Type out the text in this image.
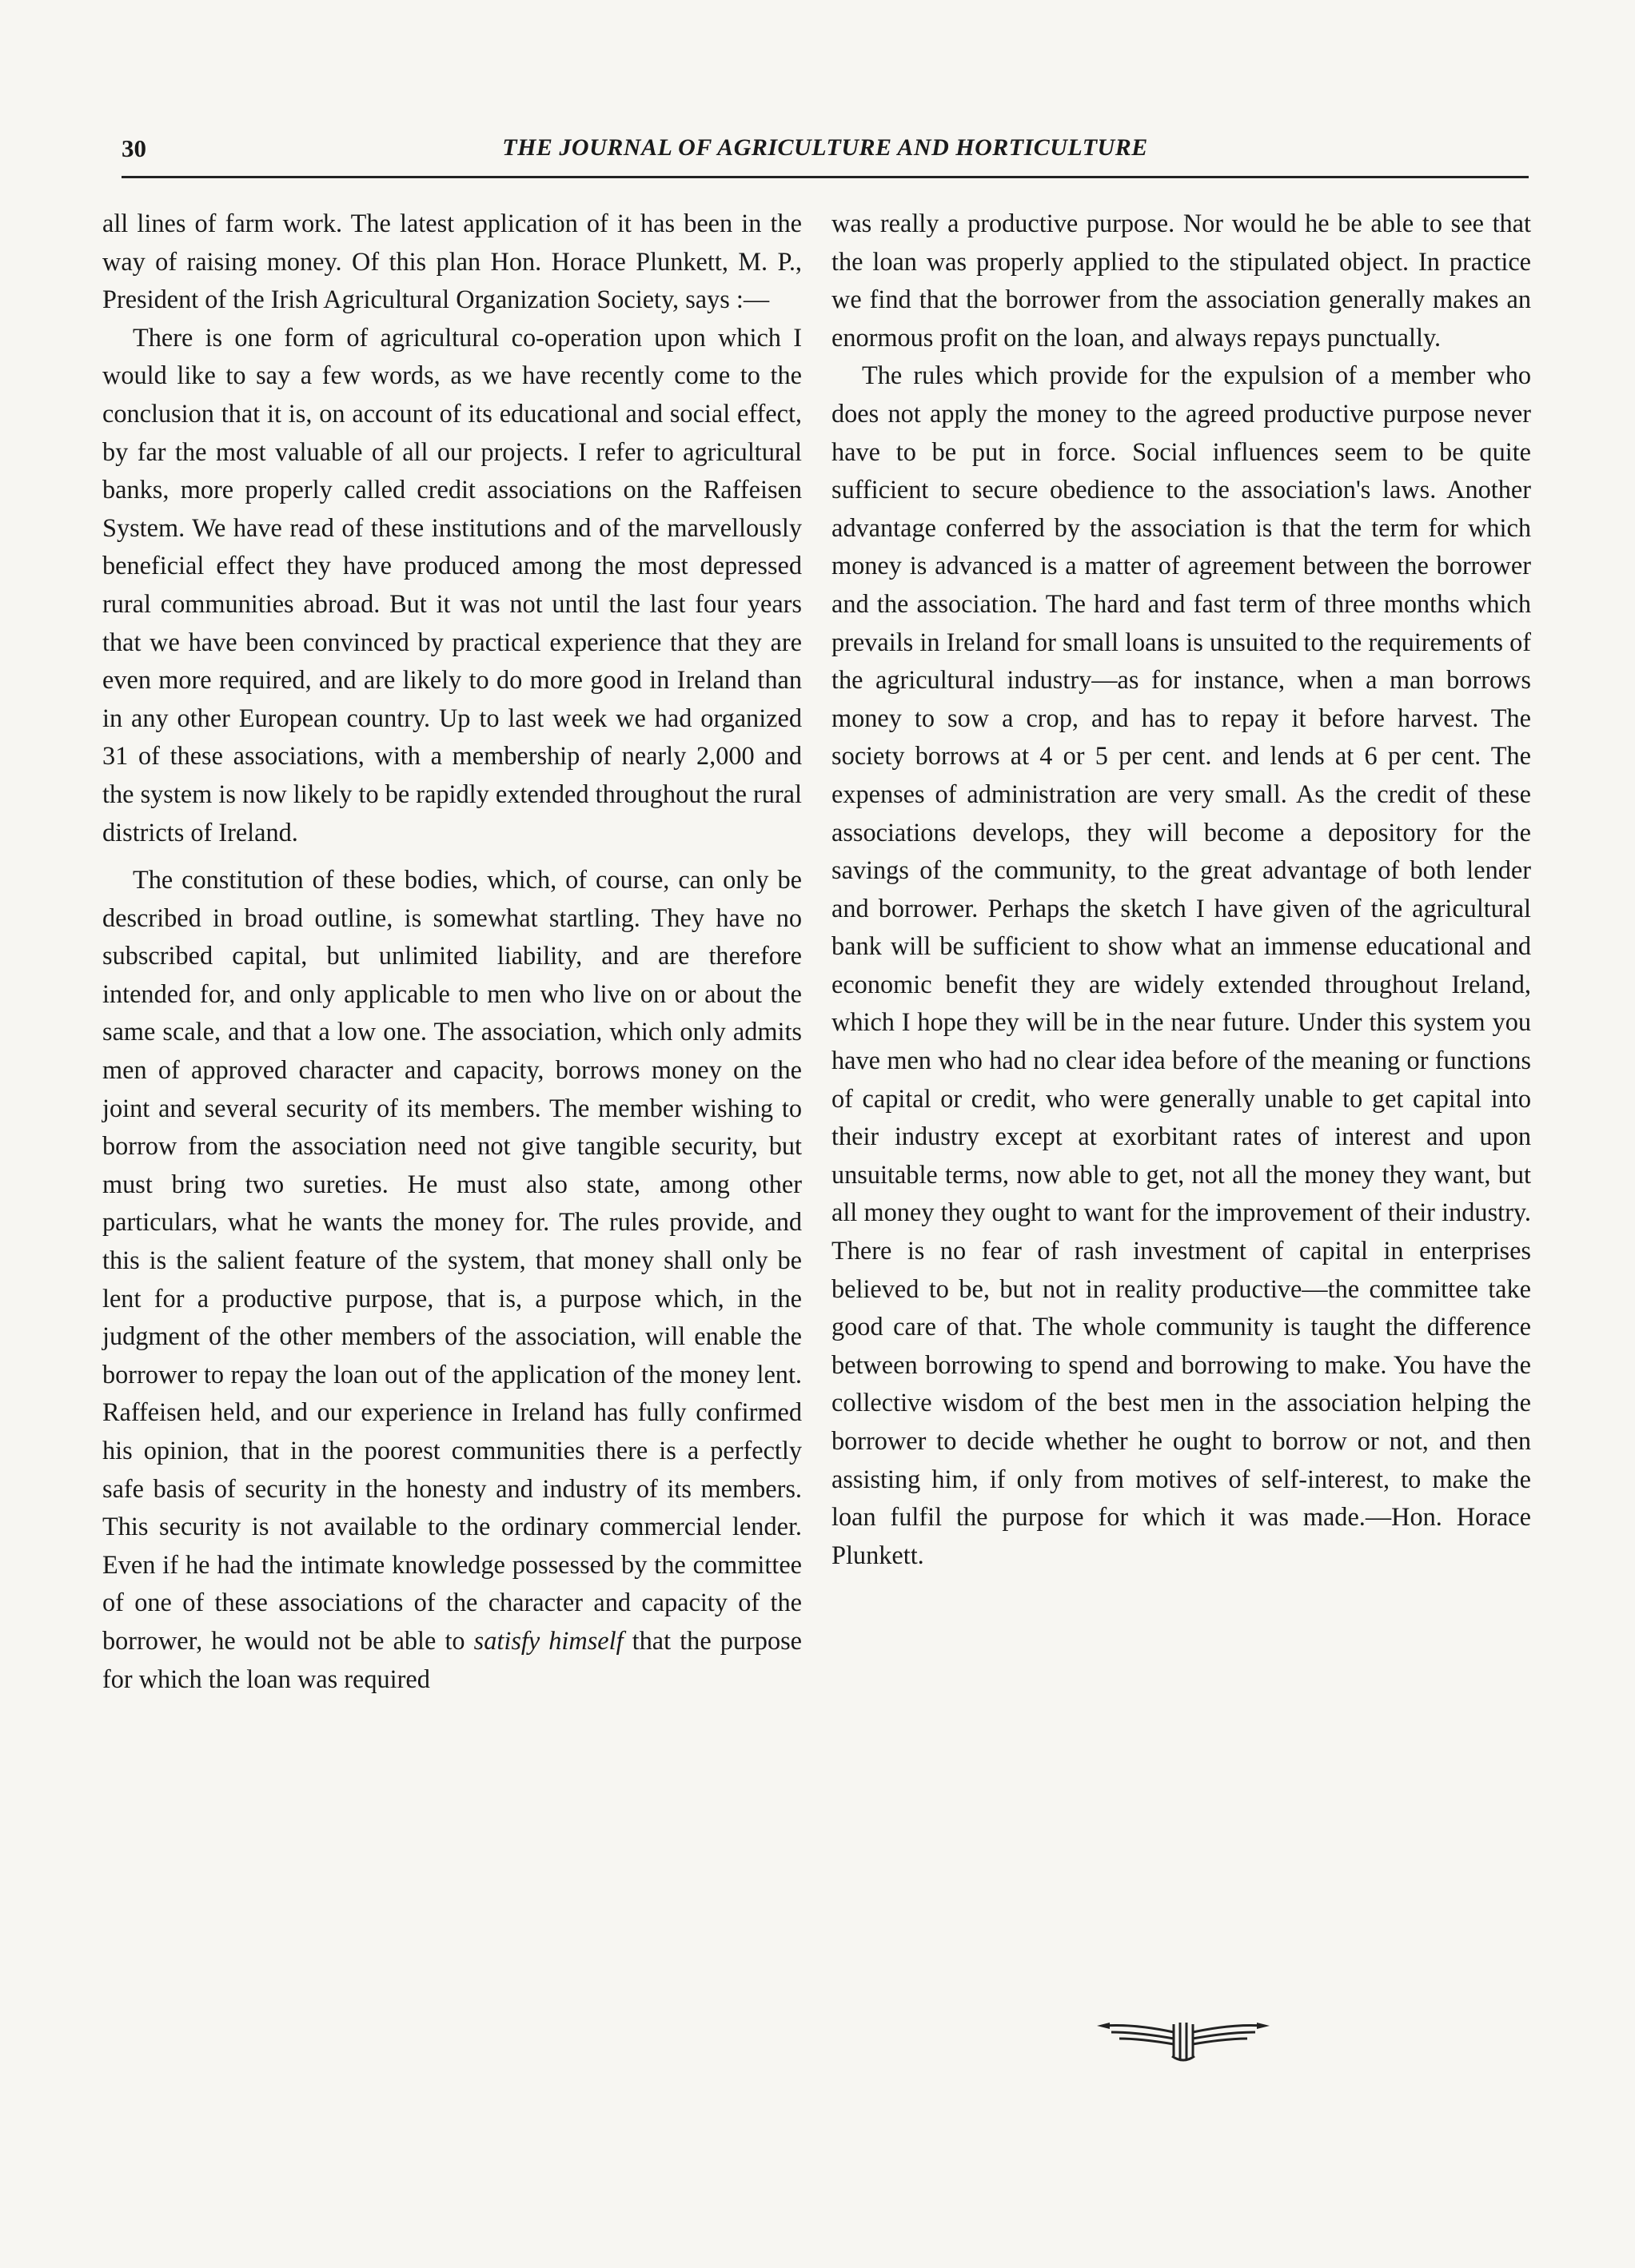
30	THE JOURNAL OF AGRICULTURE AND HORTICULTURE

all lines of farm work. The latest application of it has been in the way of raising money. Of this plan Hon. Horace Plunkett, M. P., President of the Irish Agricultural Organization Society, says :—

There is one form of agricultural co-operation upon which I would like to say a few words, as we have recently come to the conclusion that it is, on account of its educational and social effect, by far the most valuable of all our projects. I refer to agricultural banks, more properly called credit associations on the Raffeisen System. We have read of these institutions and of the marvellously beneficial effect they have produced among the most depressed rural communities abroad. But it was not until the last four years that we have been convinced by practical experience that they are even more required, and are likely to do more good in Ireland than in any other European country. Up to last week we had organized 31 of these associations, with a membership of nearly 2,000 and the system is now likely to be rapidly extended throughout the rural districts of Ireland.

The constitution of these bodies, which, of course, can only be described in broad outline, is somewhat startling. They have no subscribed capital, but unlimited liability, and are therefore intended for, and only applicable to men who live on or about the same scale, and that a low one. The association, which only admits men of approved character and capacity, borrows money on the joint and several security of its members. The member wishing to borrow from the association need not give tangible security, but must bring two sureties. He must also state, among other particulars, what he wants the money for. The rules provide, and this is the salient feature of the system, that money shall only be lent for a productive purpose, that is, a purpose which, in the judgment of the other members of the association, will enable the borrower to repay the loan out of the application of the money lent. Raffeisen held, and our experience in Ireland has fully confirmed his opinion, that in the poorest communities there is a perfectly safe basis of security in the honesty and industry of its members. This security is not available to the ordinary commercial lender. Even if he had the intimate knowledge possessed by the committee of one of these associations of the character and capacity of the borrower, he would not be able to satisfy himself that the purpose for which the loan was required

was really a productive purpose. Nor would he be able to see that the loan was properly applied to the stipulated object. In practice we find that the borrower from the association generally makes an enormous profit on the loan, and always repays punctually.

The rules which provide for the expulsion of a member who does not apply the money to the agreed productive purpose never have to be put in force. Social influences seem to be quite sufficient to secure obedience to the association's laws. Another advantage conferred by the association is that the term for which money is advanced is a matter of agreement between the borrower and the association. The hard and fast term of three months which prevails in Ireland for small loans is unsuited to the requirements of the agricultural industry—as for instance, when a man borrows money to sow a crop, and has to repay it before harvest. The society borrows at 4 or 5 per cent. and lends at 6 per cent. The expenses of administration are very small. As the credit of these associations develops, they will become a depository for the savings of the community, to the great advantage of both lender and borrower. Perhaps the sketch I have given of the agricultural bank will be sufficient to show what an immense educational and economic benefit they are widely extended throughout Ireland, which I hope they will be in the near future. Under this system you have men who had no clear idea before of the meaning or functions of capital or credit, who were generally unable to get capital into their industry except at exorbitant rates of interest and upon unsuitable terms, now able to get, not all the money they want, but all money they ought to want for the improvement of their industry. There is no fear of rash investment of capital in enterprises believed to be, but not in reality productive—the committee take good care of that. The whole community is taught the difference between borrowing to spend and borrowing to make. You have the collective wisdom of the best men in the association helping the borrower to decide whether he ought to borrow or not, and then assisting him, if only from motives of self-interest, to make the loan fulfil the purpose for which it was made.—Hon. Horace Plunkett.
